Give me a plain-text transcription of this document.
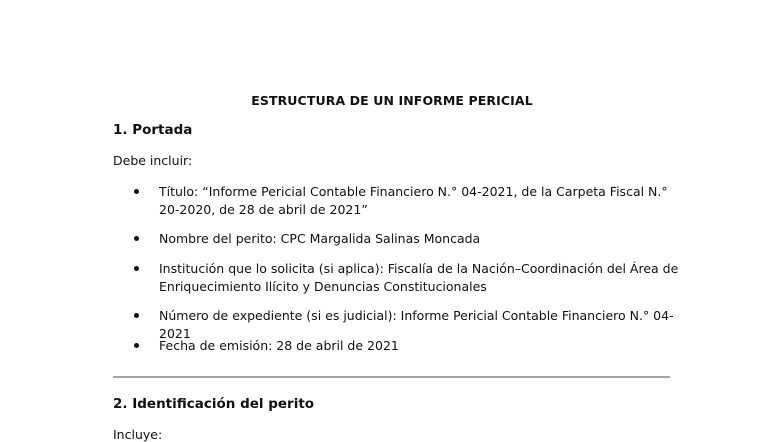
ESTRUCTURA DE UN INFORME PERICIAL
1. Portada
Debe incluir:
Título: “Informe Pericial Contable Financiero N.° 04-2021, de la Carpeta Fiscal N.° 20-2020, de 28 de abril de 2021”
Nombre del perito: CPC Margalida Salinas Moncada
Institución que lo solicita (si aplica): Fiscalía de la Nación–Coordinación del Área de Enriquecimiento Ilícito y Denuncias Constitucionales
Número de expediente (si es judicial): Informe Pericial Contable Financiero N.° 04-2021
Fecha de emisión: 28 de abril de 2021
2. Identificación del perito
Incluye:
